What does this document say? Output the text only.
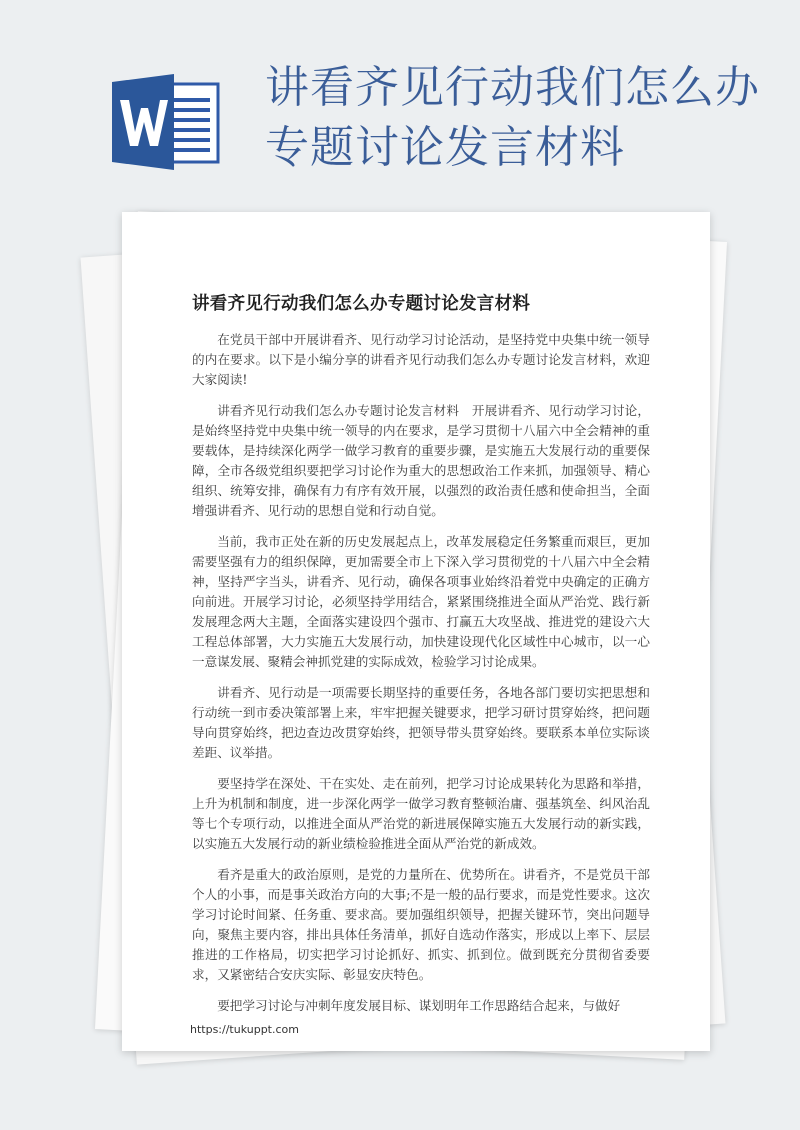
讲看齐见行动我们怎么办专题讨论发言材料
讲看齐见行动我们怎么办专题讨论发言材料

在党员干部中开展讲看齐、见行动学习讨论活动，是坚持党中央集中统一领导的内在要求。以下是小编分享的讲看齐见行动我们怎么办专题讨论发言材料，欢迎大家阅读!

讲看齐见行动我们怎么办专题讨论发言材料　开展讲看齐、见行动学习讨论，是始终坚持党中央集中统一领导的内在要求，是学习贯彻十八届六中全会精神的重要载体，是持续深化两学一做学习教育的重要步骤，是实施五大发展行动的重要保障，全市各级党组织要把学习讨论作为重大的思想政治工作来抓，加强领导、精心组织、统筹安排，确保有力有序有效开展，以强烈的政治责任感和使命担当，全面增强讲看齐、见行动的思想自觉和行动自觉。

当前，我市正处在新的历史发展起点上，改革发展稳定任务繁重而艰巨，更加需要坚强有力的组织保障，更加需要全市上下深入学习贯彻党的十八届六中全会精神，坚持严字当头，讲看齐、见行动，确保各项事业始终沿着党中央确定的正确方向前进。开展学习讨论，必须坚持学用结合，紧紧围绕推进全面从严治党、践行新发展理念两大主题，全面落实建设四个强市、打赢五大攻坚战、推进党的建设六大工程总体部署，大力实施五大发展行动，加快建设现代化区域性中心城市，以一心一意谋发展、聚精会神抓党建的实际成效，检验学习讨论成果。

讲看齐、见行动是一项需要长期坚持的重要任务，各地各部门要切实把思想和行动统一到市委决策部署上来，牢牢把握关键要求，把学习研讨贯穿始终，把问题导向贯穿始终，把边查边改贯穿始终，把领导带头贯穿始终。要联系本单位实际谈差距、议举措。

要坚持学在深处、干在实处、走在前列，把学习讨论成果转化为思路和举措，上升为机制和制度，进一步深化两学一做学习教育整顿治庸、强基筑垒、纠风治乱等七个专项行动，以推进全面从严治党的新进展保障实施五大发展行动的新实践，以实施五大发展行动的新业绩检验推进全面从严治党的新成效。

看齐是重大的政治原则，是党的力量所在、优势所在。讲看齐，不是党员干部个人的小事，而是事关政治方向的大事;不是一般的品行要求，而是党性要求。这次学习讨论时间紧、任务重、要求高。要加强组织领导，把握关键环节，突出问题导向，聚焦主要内容，排出具体任务清单，抓好自选动作落实，形成以上率下、层层推进的工作格局，切实把学习讨论抓好、抓实、抓到位。做到既充分贯彻省委要求，又紧密结合安庆实际、彰显安庆特色。

要把学习讨论与冲刺年度发展目标、谋划明年工作思路结合起来，与做好

https://tukuppt.com
